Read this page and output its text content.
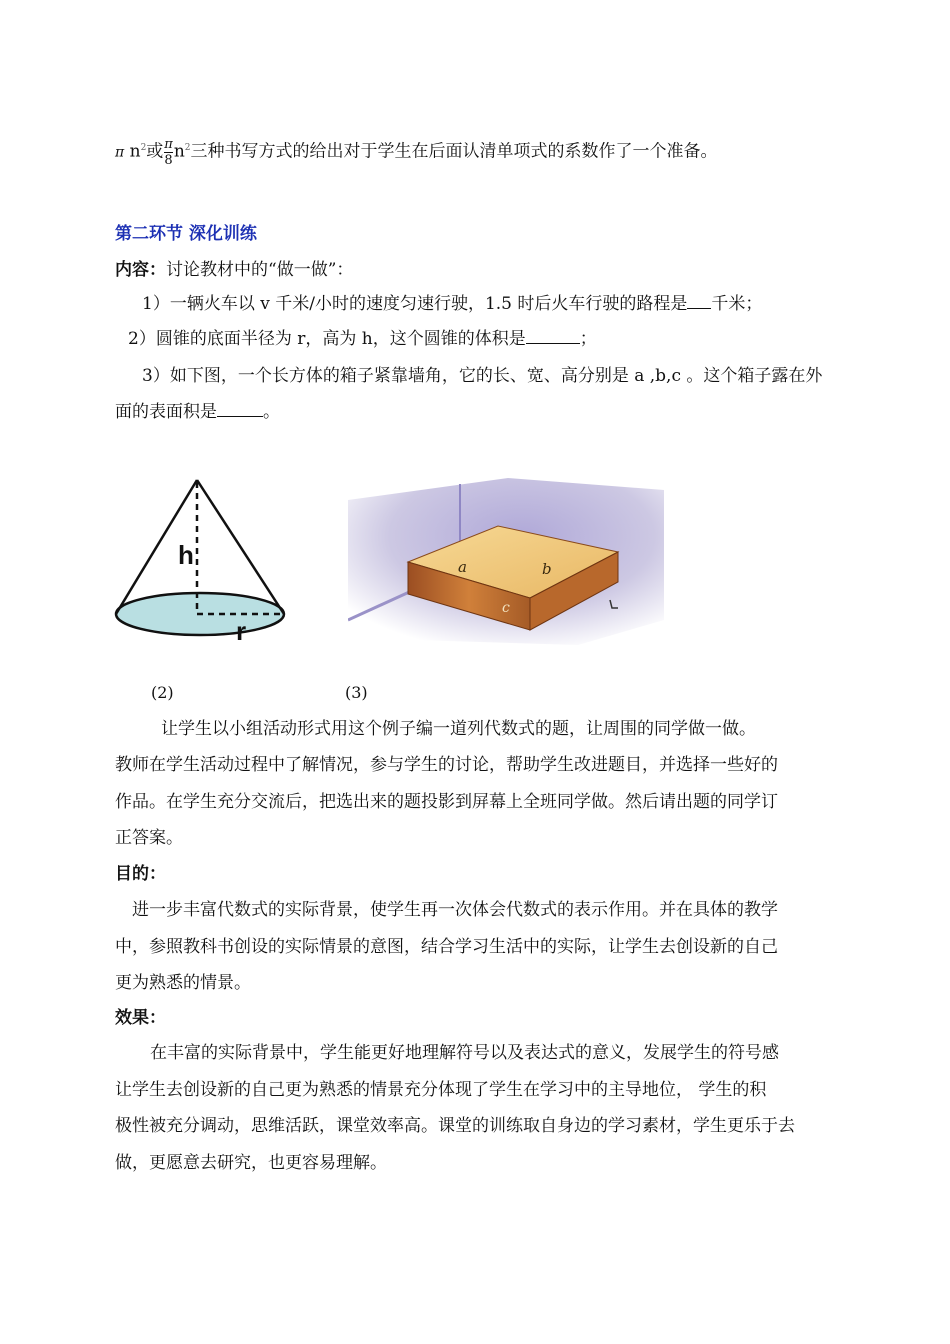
π $n^2$或 $\frac{\pi}{8} n^2$三种书写方式的给出对于学生在后面认清单项式的系数作了一个准备。
第二环节 深化训练
内容：讨论教材中的“做一做”：
1）一辆火车以 v 千米/小时的速度匀速行驶，1.5 时后火车行驶的路程是 千米；
2）圆锥的底面半径为 r，高为 h，这个圆锥的体积是	；
3）如下图，一个长方体的箱子紧靠墙角，它的长、宽、高分别是 a ,b,c 。这个箱子露在外
面的表面积是	。
h
r
a	b
c
(2)	(3)
让学生以小组活动形式用这个例子编一道列代数式的题，让周围的同学做一做。
教师在学生活动过程中了解情况，参与学生的讨论，帮助学生改进题目，并选择一些好的
作品。在学生充分交流后，把选出来的题投影到屏幕上全班同学做。然后请出题的同学订
正答案。
目的：
进一步丰富代数式的实际背景，使学生再一次体会代数式的表示作用。并在具体的教学
中，参照教科书创设的实际情景的意图，结合学习生活中的实际，让学生去创设新的自己
更为熟悉的情景。
效果：
在丰富的实际背景中，学生能更好地理解符号以及表达式的意义，发展学生的符号感
让学生去创设新的自己更为熟悉的情景充分体现了学生在学习中的主导地位， 学生的积
极性被充分调动，思维活跃，课堂效率高。课堂的训练取自身边的学习素材，学生更乐于去
做，更愿意去研究，也更容易理解。
